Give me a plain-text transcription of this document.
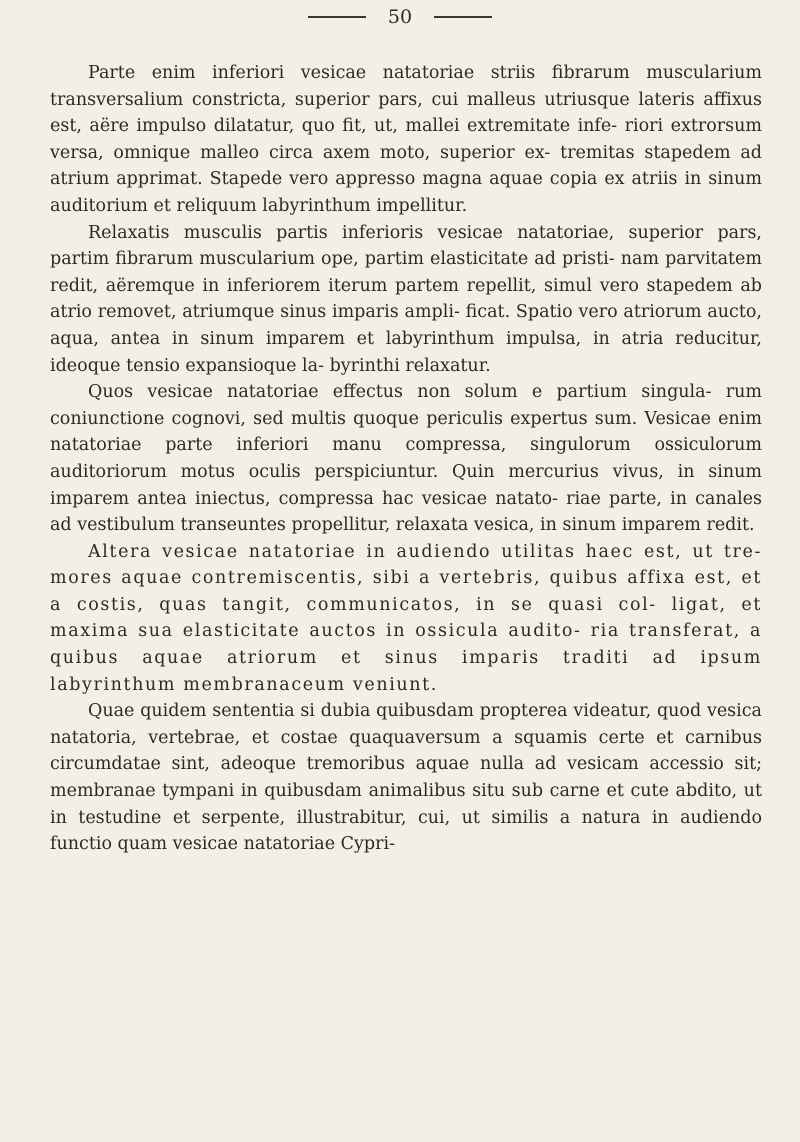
50

Parte enim inferiori vesicae natatoriae striis fibrarum muscularium transversalium constricta, superior pars, cui malleus utriusque lateris affixus est, aëre impulso dilatatur, quo fit, ut, mallei extremitate infe- riori extrorsum versa, omnique malleo circa axem moto, superior ex- tremitas stapedem ad atrium apprimat. Stapede vero appresso magna aquae copia ex atriis in sinum auditorium et reliquum labyrinthum impellitur.

Relaxatis musculis partis inferioris vesicae natatoriae, superior pars, partim fibrarum muscularium ope, partim elasticitate ad pristi- nam parvitatem redit, aëremque in inferiorem iterum partem repellit, simul vero stapedem ab atrio removet, atriumque sinus imparis ampli- ficat. Spatio vero atriorum aucto, aqua, antea in sinum imparem et labyrinthum impulsa, in atria reducitur, ideoque tensio expansioque la- byrinthi relaxatur.

Quos vesicae natatoriae effectus non solum e partium singula- rum coniunctione cognovi, sed multis quoque periculis expertus sum. Vesicae enim natatoriae parte inferiori manu compressa, singulorum ossiculorum auditoriorum motus oculis perspiciuntur. Quin mercurius vivus, in sinum imparem antea iniectus, compressa hac vesicae natato- riae parte, in canales ad vestibulum transeuntes propellitur, relaxata vesica, in sinum imparem redit.

Altera vesicae natatoriae in audiendo utilitas haec est, ut tre- mores aquae contremiscentis, sibi a vertebris, quibus affixa est, et a costis, quas tangit, communicatos, in se quasi col- ligat, et maxima sua elasticitate auctos in ossicula audito- ria transferat, a quibus aquae atriorum et sinus imparis traditi ad ipsum labyrinthum membranaceum veniunt.

Quae quidem sententia si dubia quibusdam propterea videatur, quod vesica natatoria, vertebrae, et costae quaquaversum a squamis certe et carnibus circumdatae sint, adeoque tremoribus aquae nulla ad vesicam accessio sit; membranae tympani in quibusdam animalibus situ sub carne et cute abdito, ut in testudine et serpente, illustrabitur, cui, ut similis a natura in audiendo functio quam vesicae natatoriae Cypri-
